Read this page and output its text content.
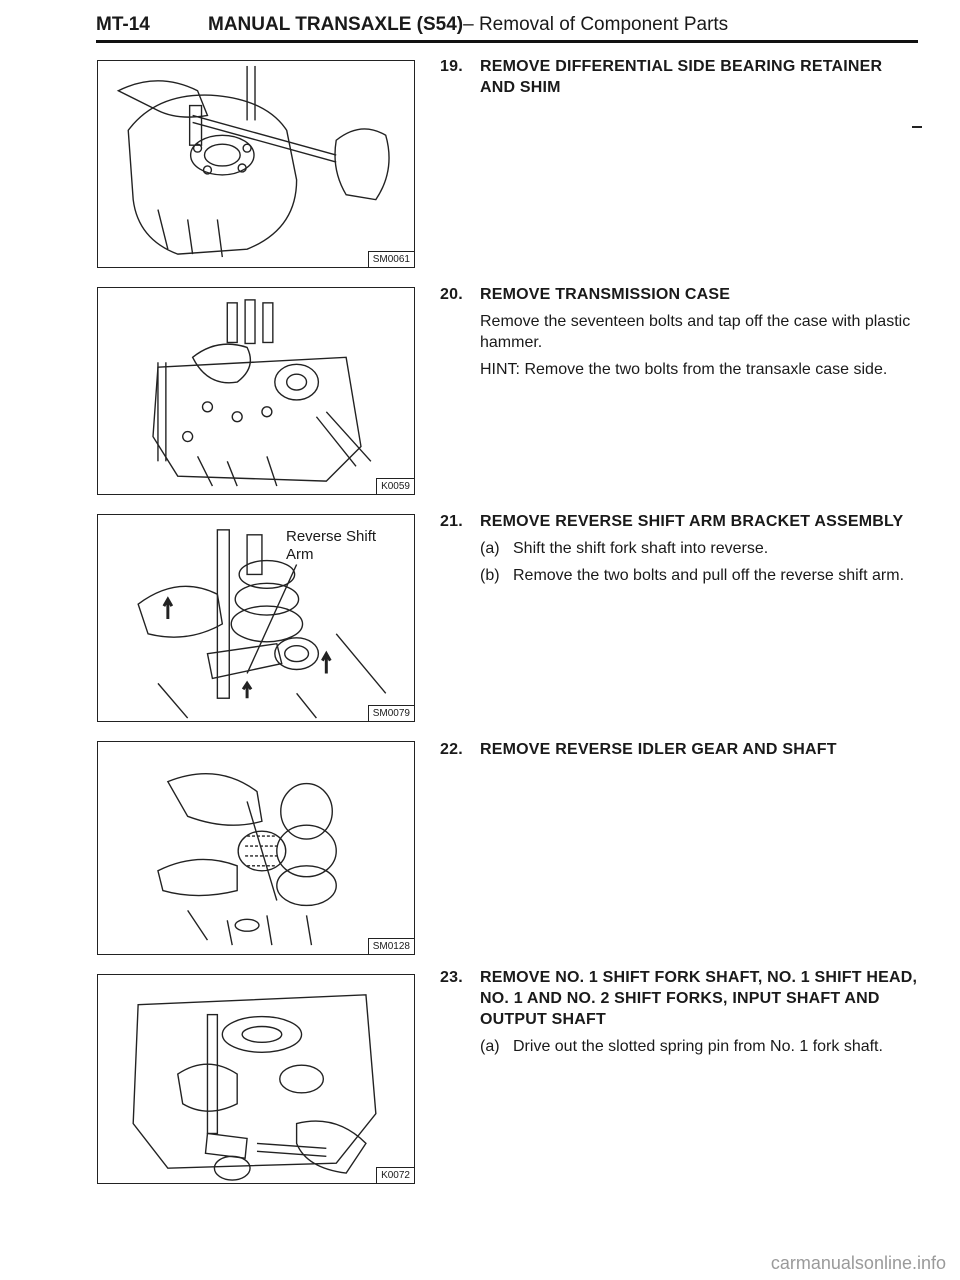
MT-14	MANUAL TRANSAXLE (S54) – Removal of Component Parts
SM0061
K0059
Reverse Shift
Arm
SM0079
SM0128
K0072
19.	REMOVE DIFFERENTIAL SIDE BEARING RETAINER AND SHIM
20.	REMOVE TRANSMISSION CASE

Remove the seventeen bolts and tap off the case with plastic hammer.

HINT: Remove the two bolts from the transaxle case side.

21.	REMOVE REVERSE SHIFT ARM BRACKET ASSEMBLY
(a) Shift the shift fork shaft into reverse.
(b) Remove the two bolts and pull off the reverse shift arm.
22.	REMOVE REVERSE IDLER GEAR AND SHAFT
23.	REMOVE NO. 1 SHIFT FORK SHAFT, NO. 1 SHIFT HEAD, NO. 1 AND NO. 2 SHIFT FORKS, INPUT SHAFT AND OUTPUT SHAFT
(a) Drive out the slotted spring pin from No. 1 fork shaft.
carmanualsonline.info
